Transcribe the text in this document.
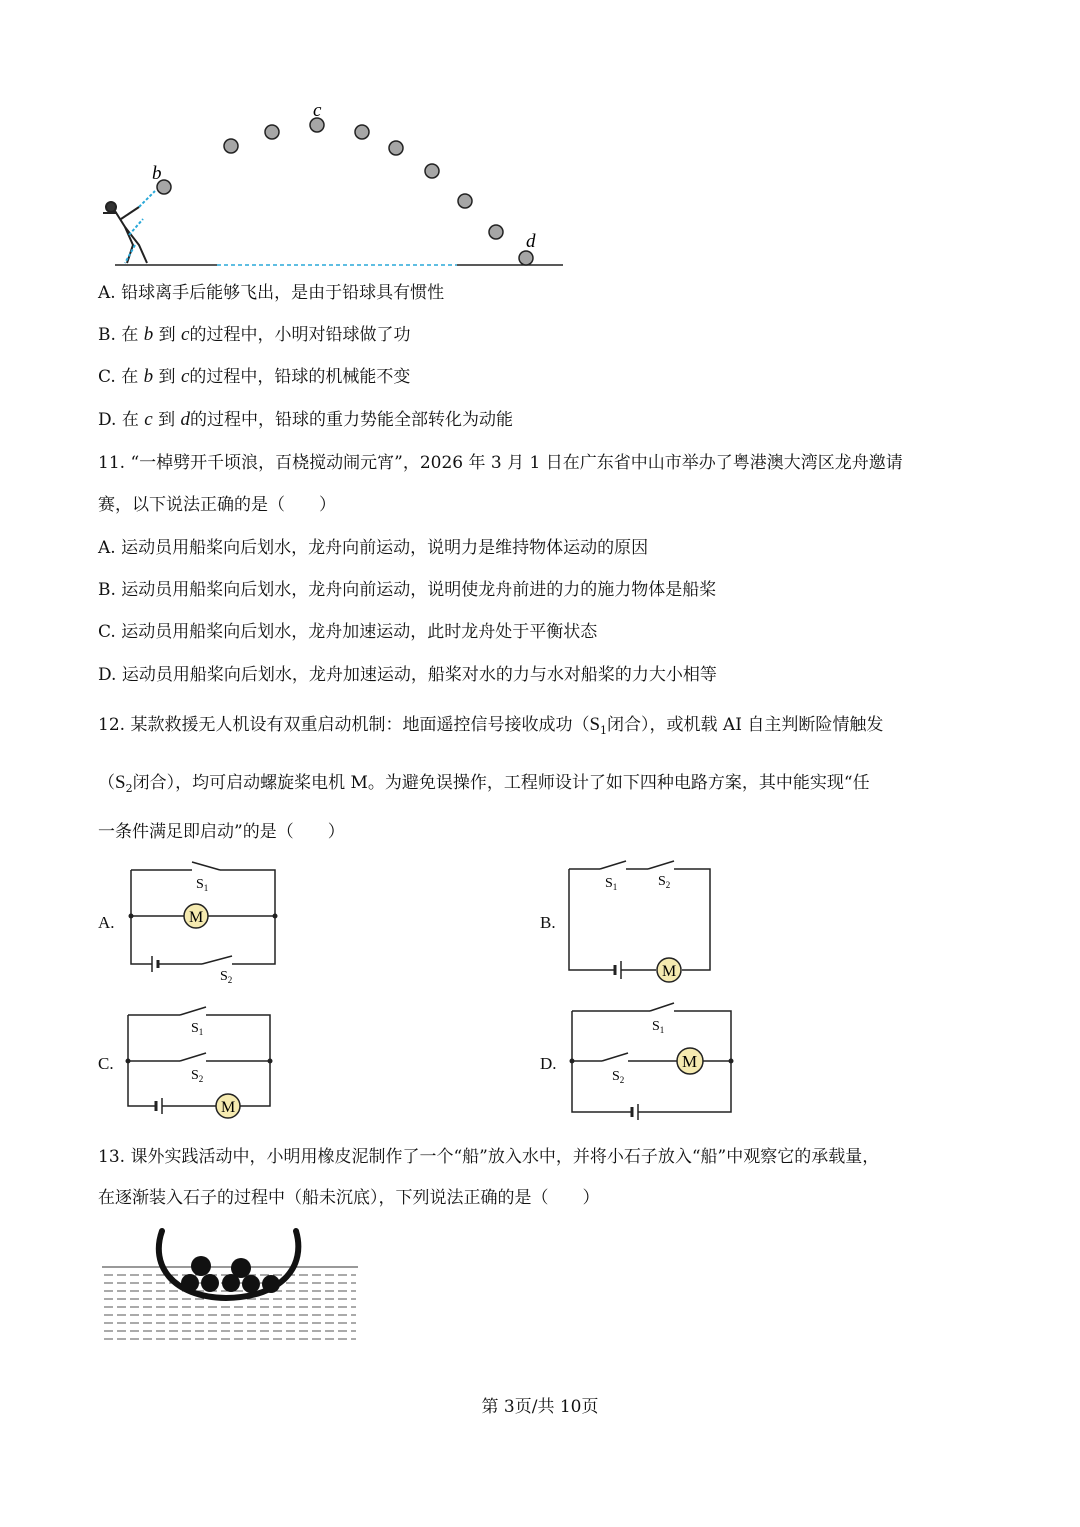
b
c
d
A. 铅球离手后能够飞出，是由于铅球具有惯性
B. 在 b 到 c的过程中，小明对铅球做了功
C. 在 b 到 c的过程中，铅球的机械能不变
D. 在 c 到 d的过程中，铅球的重力势能全部转化为动能
11. “一棹劈开千顷浪，百桡搅动闹元宵”，2026 年 3 月 1 日在广东省中山市举办了粤港澳大湾区龙舟邀请
赛，以下说法正确的是（　　）
A. 运动员用船桨向后划水，龙舟向前运动，说明力是维持物体运动的原因
B. 运动员用船桨向后划水，龙舟向前运动，说明使龙舟前进的力的施力物体是船桨
C. 运动员用船桨向后划水，龙舟加速运动，此时龙舟处于平衡状态
D. 运动员用船桨向后划水，龙舟加速运动，船桨对水的力与水对船桨的力大小相等
12. 某款救援无人机设有双重启动机制：地面遥控信号接收成功（$S_1$闭合），或机载 AI 自主判断险情触发
（$S_2$闭合），均可启动螺旋桨电机 M。为避免误操作，工程师设计了如下四种电路方案，其中能实现“任
一条件满足即启动”的是（　　）
A.	M
$S_1$
$S_2$
B.
M
$S_1$	$S_2$
C.
M
$S_1$
$S_2$
D.	M
$S_1$
$S_2$
13. 课外实践活动中，小明用橡皮泥制作了一个“船”放入水中，并将小石子放入“船”中观察它的承载量，
在逐渐装入石子的过程中（船未沉底），下列说法正确的是（　　）
第 3页/共 10页
